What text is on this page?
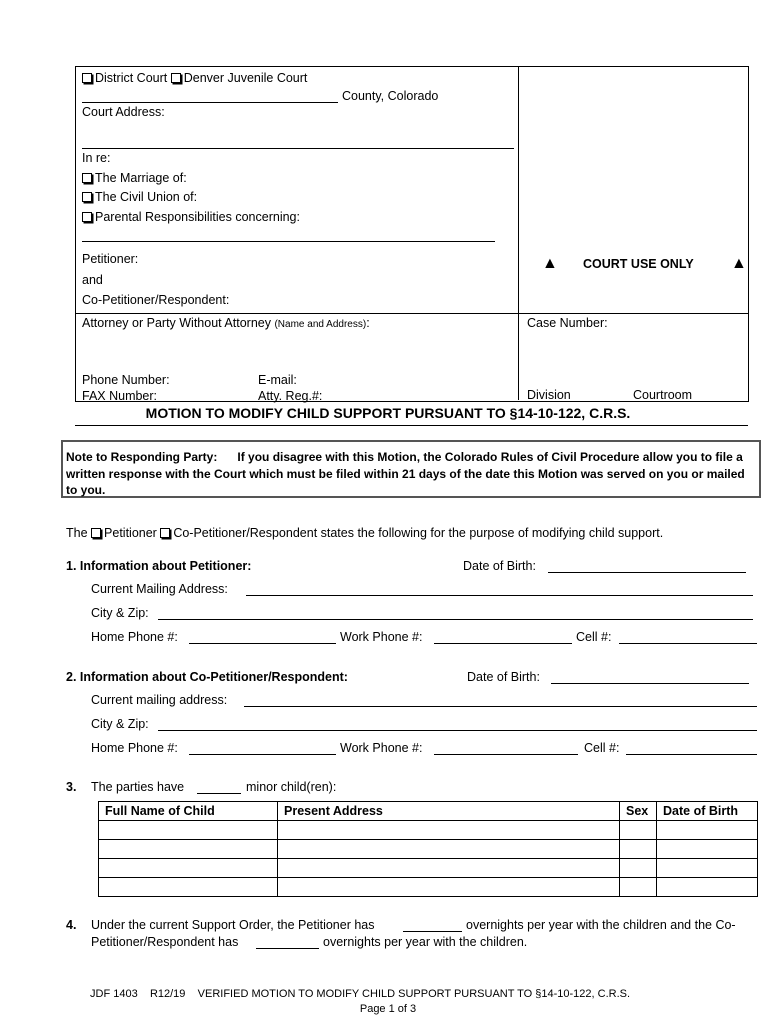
District Court Denver Juvenile Court
County, Colorado
Court Address:
In re:
The Marriage of:
The Civil Union of:
Parental Responsibilities concerning:
Petitioner:
and
Co-Petitioner/Respondent:
▲ COURT USE ONLY ▲
Attorney or Party Without Attorney (Name and Address):	Case Number:
Phone Number:	E-mail:
FAX Number:	Atty. Reg.#:	Division	Courtroom
MOTION TO MODIFY CHILD SUPPORT PURSUANT TO §14-10-122, C.R.S.
Note to Responding Party: If you disagree with this Motion, the Colorado Rules of Civil Procedure allow you to file a written response with the Court which must be filed within 21 days of the date this Motion was served on you or mailed to you.
The Petitioner Co-Petitioner/Respondent states the following for the purpose of modifying child support.
1. Information about Petitioner:	Date of Birth:
Current Mailing Address:
City & Zip:
Home Phone #:	Work Phone #:	Cell #:
2. Information about Co-Petitioner/Respondent:	Date of Birth:
Current mailing address:
City & Zip:
Home Phone #:	Work Phone #:	Cell #:
3. The parties have	minor child(ren):
Full Name of Child	Present Address	Sex	Date of Birth

4. Under the current Support Order, the Petitioner has	overnights per year with the children and the Co-
Petitioner/Respondent has	overnights per year with the children.
JDF 1403 R12/19 VERIFIED MOTION TO MODIFY CHILD SUPPORT PURSUANT TO §14-10-122, C.R.S.
Page 1 of 3
